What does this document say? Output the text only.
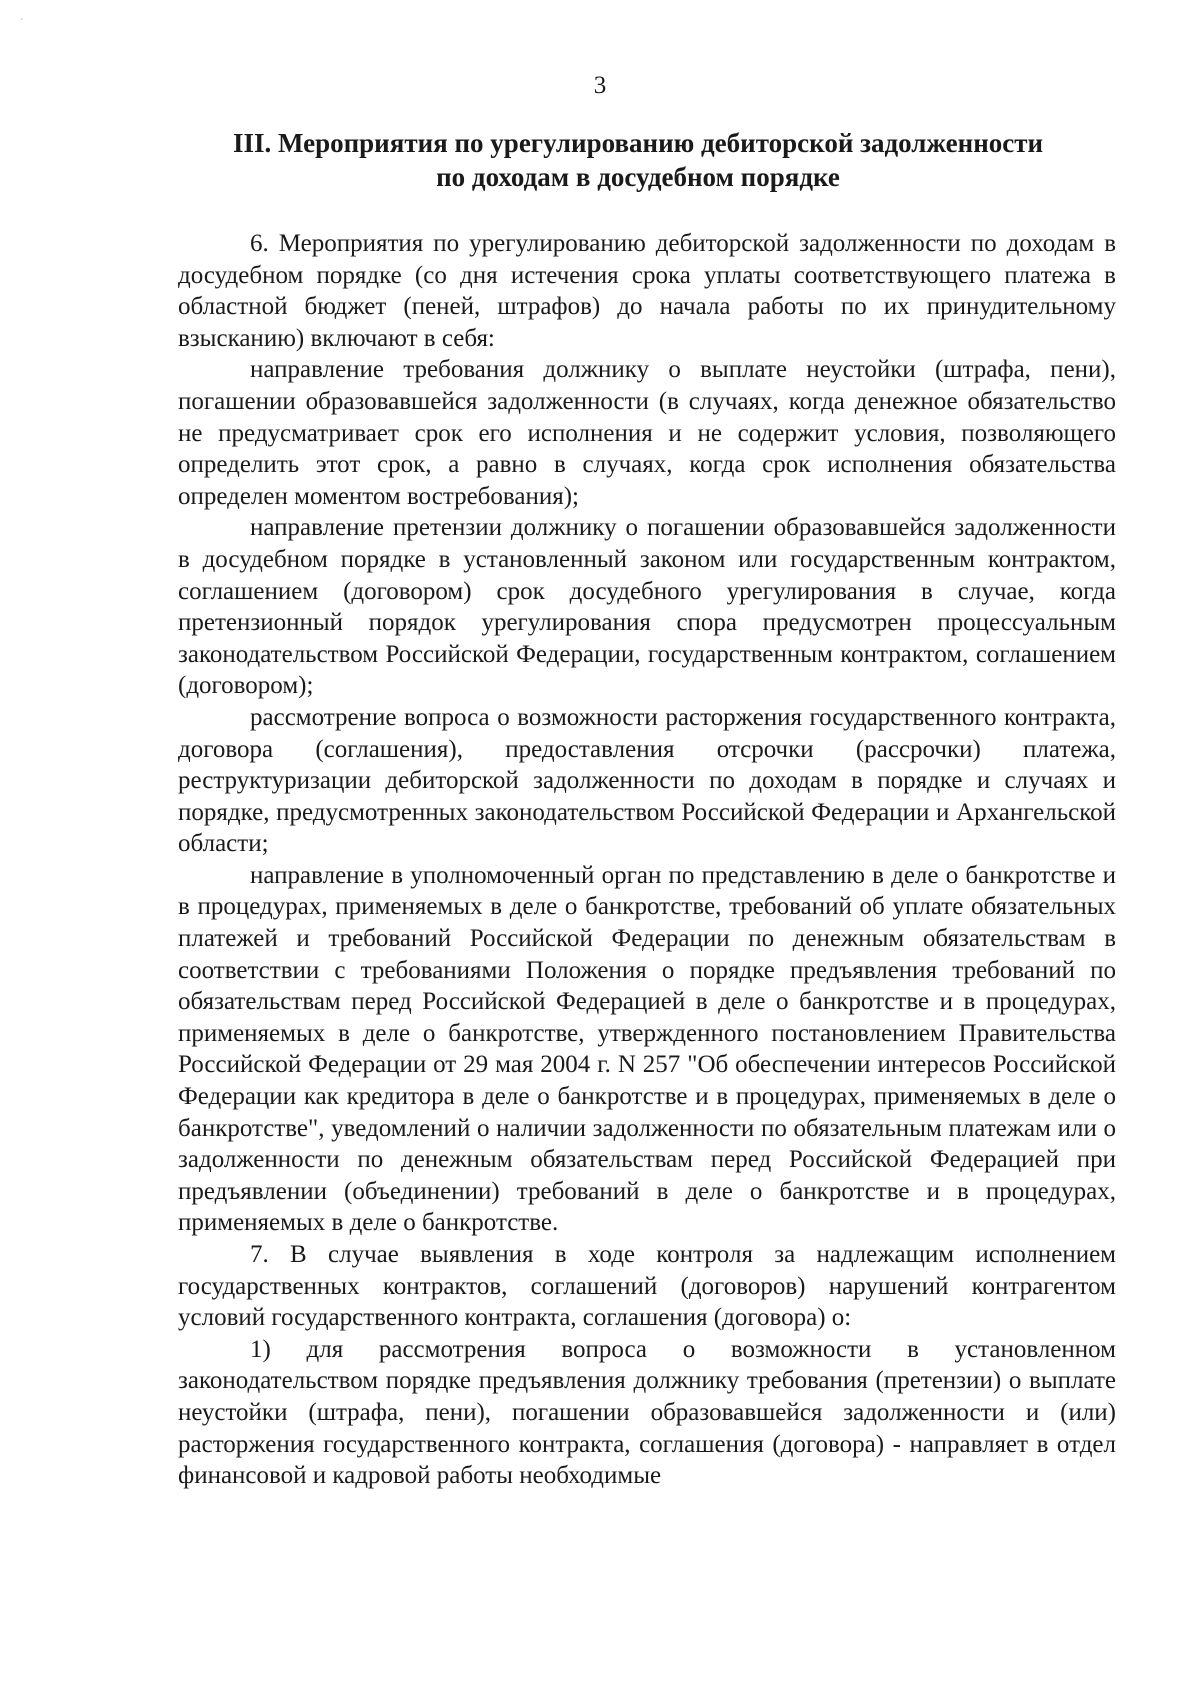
ˊ
3
III. Мероприятия по урегулированию дебиторской задолженности
по доходам в досудебном порядке

6. Мероприятия по урегулированию дебиторской задолженности по доходам в досудебном порядке (со дня истечения срока уплаты соответствующего платежа в областной бюджет (пеней, штрафов) до начала работы по их принудительному взысканию) включают в себя:

направление требования должнику о выплате неустойки (штрафа, пени), погашении образовавшейся задолженности (в случаях, когда денежное обязательство не предусматривает срок его исполнения и не содержит условия, позволяющего определить этот срок, а равно в случаях, когда срок исполнения обязательства определен моментом востребования);

направление претензии должнику о погашении образовавшейся задолженности в досудебном порядке в установленный законом или государственным контрактом, соглашением (договором) срок досудебного урегулирования в случае, когда претензионный порядок урегулирования спора предусмотрен процессуальным законодательством Российской Федерации, государственным контрактом, соглашением (договором);

рассмотрение вопроса о возможности расторжения государственного контракта, договора (соглашения), предоставления отсрочки (рассрочки) платежа, реструктуризации дебиторской задолженности по доходам в порядке и случаях и порядке, предусмотренных законодательством Российской Федерации и Архангельской области;

направление в уполномоченный орган по представлению в деле о банкротстве и в процедурах, применяемых в деле о банкротстве, требований об уплате обязательных платежей и требований Российской Федерации по денежным обязательствам в соответствии с требованиями Положения о порядке предъявления требований по обязательствам перед Российской Федерацией в деле о банкротстве и в процедурах, применяемых в деле о банкротстве, утвержденного постановлением Правительства Российской Федерации от 29 мая 2004 г. N 257 "Об обеспечении интересов Российской Федерации как кредитора в деле о банкротстве и в процедурах, применяемых в деле о банкротстве", уведомлений о наличии задолженности по обязательным платежам или о задолженности по денежным обязательствам перед Российской Федерацией при предъявлении (объединении) требований в деле о банкротстве и в процедурах, применяемых в деле о банкротстве.

7. В случае выявления в ходе контроля за надлежащим исполнением государственных контрактов, соглашений (договоров) нарушений контрагентом условий государственного контракта, соглашения (договора) о:

1) для рассмотрения вопроса о возможности в установленном законодательством порядке предъявления должнику требования (претензии) о выплате неустойки (штрафа, пени), погашении образовавшейся задолженности и (или) расторжения государственного контракта, соглашения (договора) - направляет в отдел финансовой и кадровой работы необходимые
